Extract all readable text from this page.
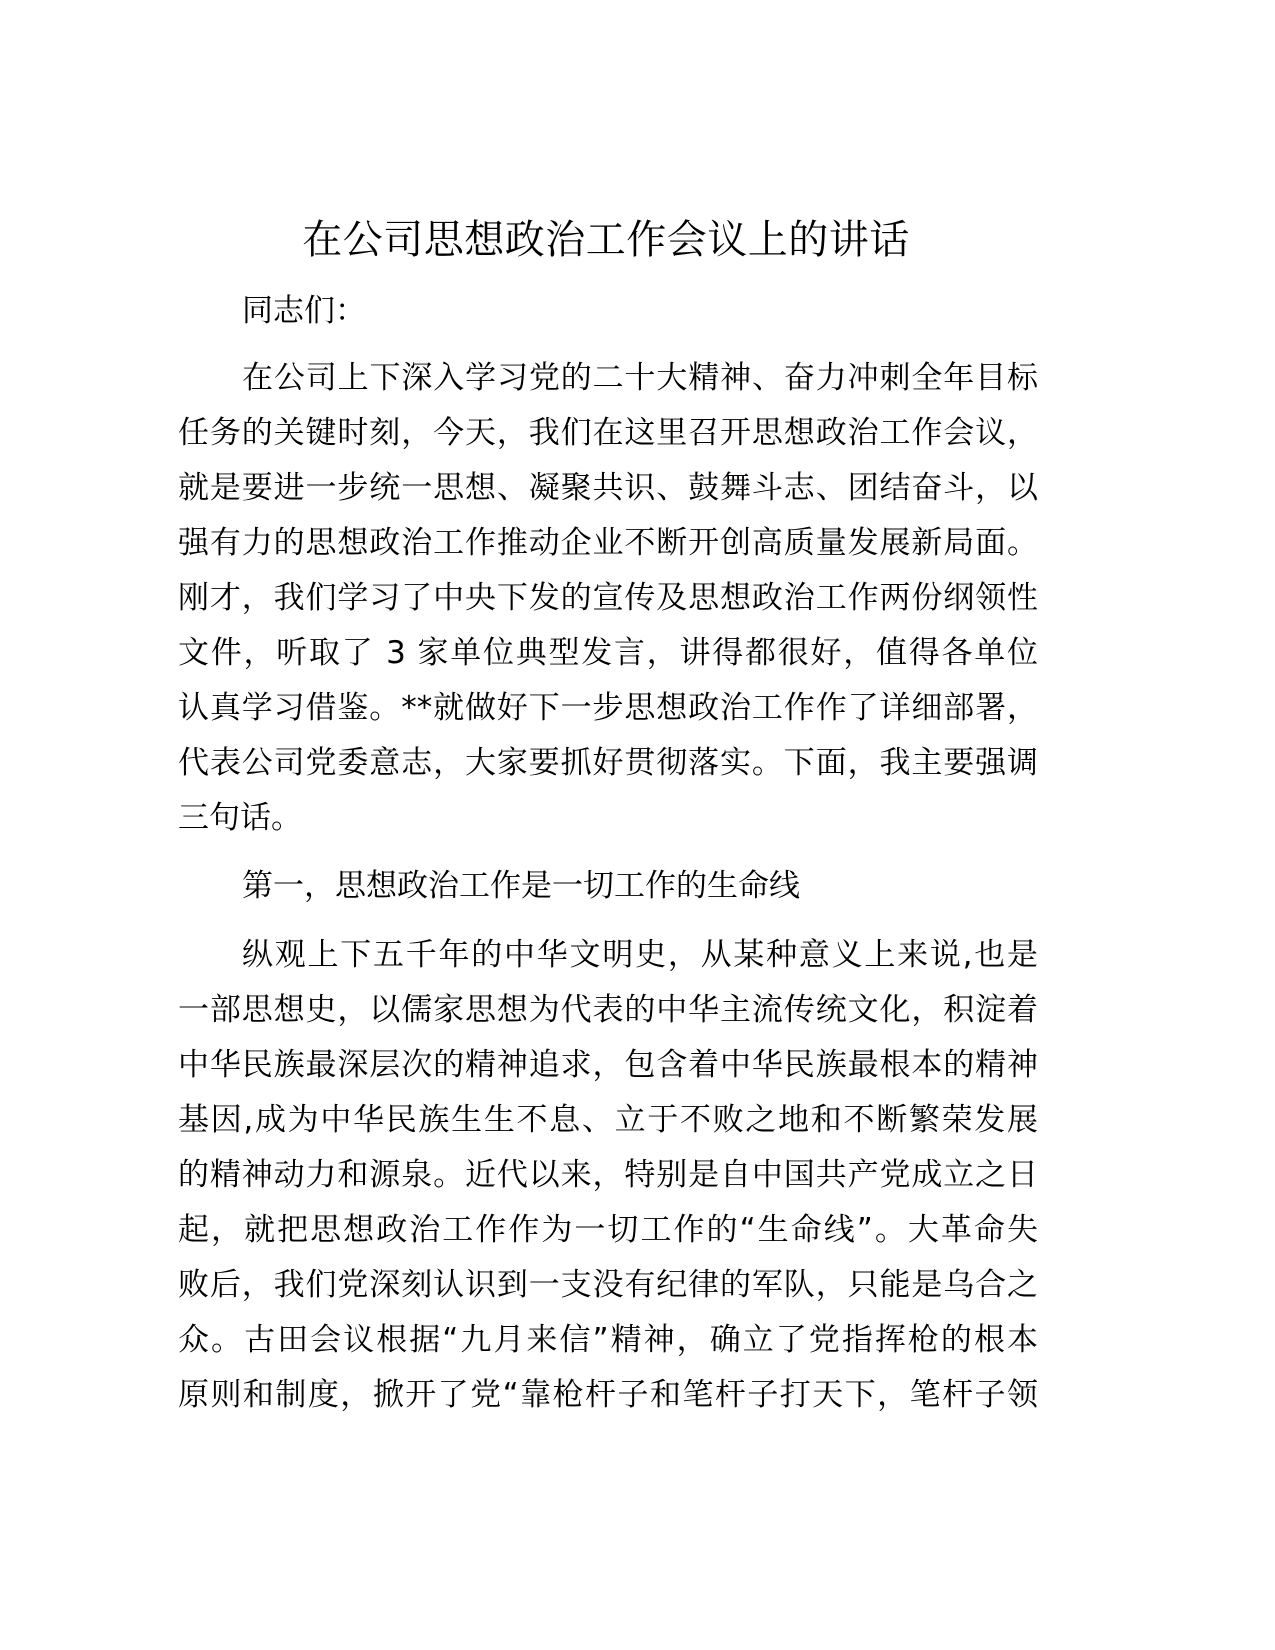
在公司思想政治工作会议上的讲话
同志们：
在公司上下深入学习党的二十大精神、奋力冲刺全年目标
任务的关键时刻，今天，我们在这里召开思想政治工作会议，
就是要进一步统一思想、凝聚共识、鼓舞斗志、团结奋斗，以
强有力的思想政治工作推动企业不断开创高质量发展新局面。
刚才，我们学习了中央下发的宣传及思想政治工作两份纲领性
文件，听取了 3 家单位典型发言，讲得都很好，值得各单位
认真学习借鉴。**就做好下一步思想政治工作作了详细部署，
代表公司党委意志，大家要抓好贯彻落实。下面，我主要强调
三句话。
第一，思想政治工作是一切工作的生命线
纵观上下五千年的中华文明史，从某种意义上来说,也是
一部思想史，以儒家思想为代表的中华主流传统文化，积淀着
中华民族最深层次的精神追求，包含着中华民族最根本的精神
基因,成为中华民族生生不息、立于不败之地和不断繁荣发展
的精神动力和源泉。近代以来，特别是自中国共产党成立之日
起，就把思想政治工作作为一切工作的“生命线”。大革命失
败后，我们党深刻认识到一支没有纪律的军队，只能是乌合之
众。古田会议根据“九月来信”精神，确立了党指挥枪的根本
原则和制度，掀开了党“靠枪杆子和笔杆子打天下，笔杆子领
